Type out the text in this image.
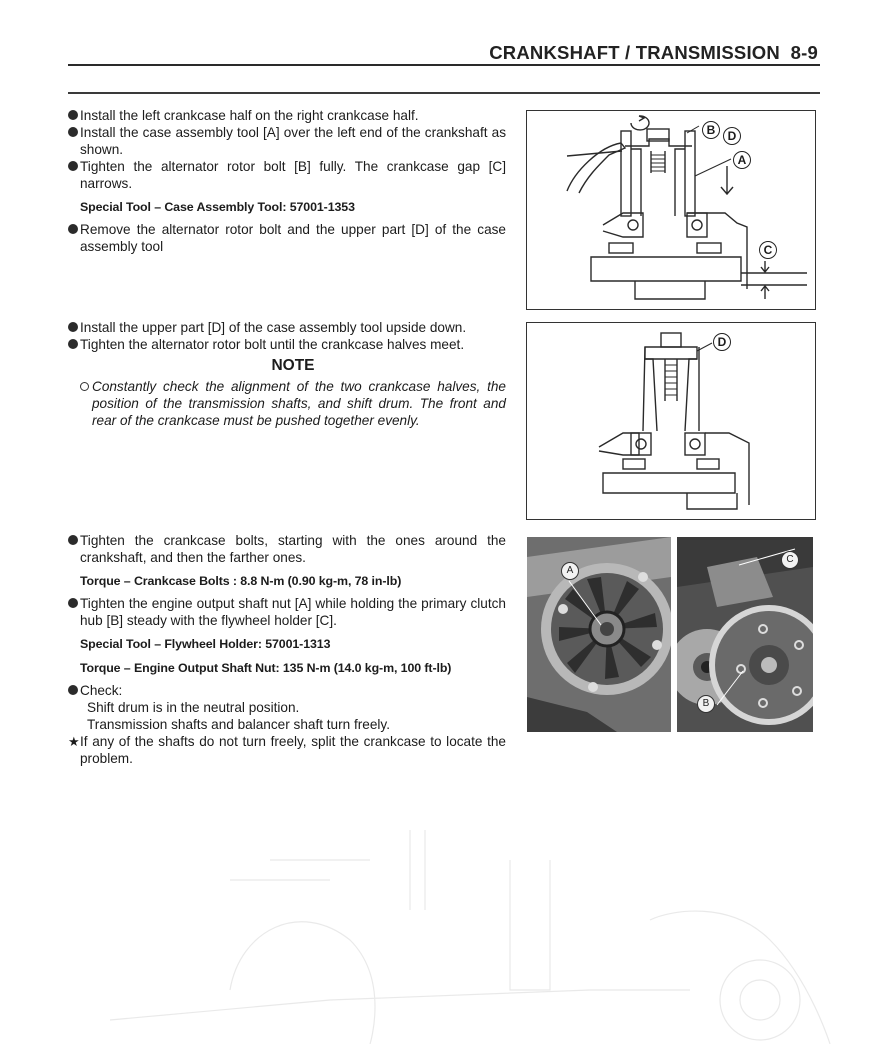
CRANKSHAFT / TRANSMISSION 8-9
Install the left crankcase half on the right crankcase half.
Install the case assembly tool [A] over the left end of the crankshaft as shown.
Tighten the alternator rotor bolt [B] fully. The crankcase gap [C] narrows.
Special Tool – Case Assembly Tool: 57001-1353
Remove the alternator rotor bolt and the upper part [D] of the case assembly tool
Install the upper part [D] of the case assembly tool upside down.
Tighten the alternator rotor bolt until the crankcase halves meet.
NOTE
Constantly check the alignment of the two crankcase halves, the position of the transmission shafts, and shift drum. The front and rear of the crankcase must be pushed together evenly.
Tighten the crankcase bolts, starting with the ones around the crankshaft, and then the farther ones.
Torque – Crankcase Bolts : 8.8 N-m (0.90 kg-m, 78 in-lb)
Tighten the engine output shaft nut [A] while holding the primary clutch hub [B] steady with the flywheel holder [C].
Special Tool – Flywheel Holder: 57001-1313
Torque – Engine Output Shaft Nut: 135 N-m (14.0 kg-m, 100 ft-lb)
Check:
Shift drum is in the neutral position.
Transmission shafts and balancer shaft turn freely.
★ If any of the shafts do not turn freely, split the crankcase to locate the problem.
B	D
A
C
D
A
C
B
